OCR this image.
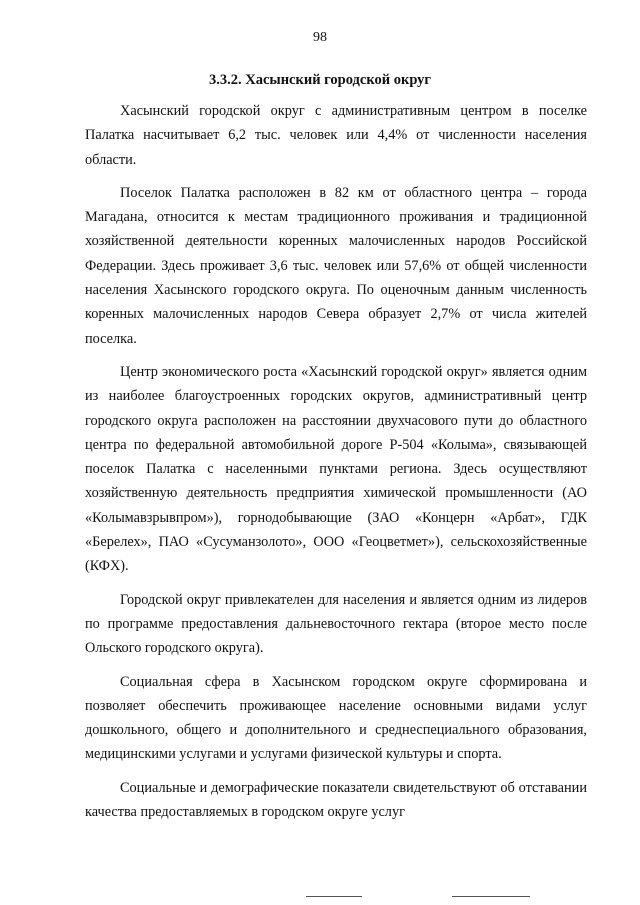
98
3.3.2. Хасынский городской округ

Хасынский городской округ с административным центром в поселке Палатка насчитывает 6,2 тыс. человек или 4,4% от численности населения области.

Поселок Палатка расположен в 82 км от областного центра – города Магадана, относится к местам традиционного проживания и традиционной хозяйственной деятельности коренных малочисленных народов Российской Федерации. Здесь проживает 3,6 тыс. человек или 57,6% от общей численности населения Хасынского городского округа. По оценочным данным численность коренных малочисленных народов Севера образует 2,7% от числа жителей поселка.

Центр экономического роста «Хасынский городской округ» является одним из наиболее благоустроенных городских округов, административный центр городского округа расположен на расстоянии двухчасового пути до областного центра по федеральной автомобильной дороге Р-504 «Колыма», связывающей поселок Палатка с населенными пунктами региона. Здесь осуществляют хозяйственную деятельность предприятия химической промышленности (АО «Колымавзрывпром»), горнодобывающие (ЗАО «Концерн «Арбат», ГДК «Берелех», ПАО «Сусуманзолото», ООО «Геоцветмет»), сельскохозяйственные (КФХ).

Городской округ привлекателен для населения и является одним из лидеров по программе предоставления дальневосточного гектара (второе место после Ольского городского округа).

Социальная сфера в Хасынском городском округе сформирована и позволяет обеспечить проживающее население основными видами услуг дошкольного, общего и дополнительного и среднеспециального образования, медицинскими услугами и услугами физической культуры и спорта.

Социальные и демографические показатели свидетельствуют об отставании качества предоставляемых в городском округе услуг
